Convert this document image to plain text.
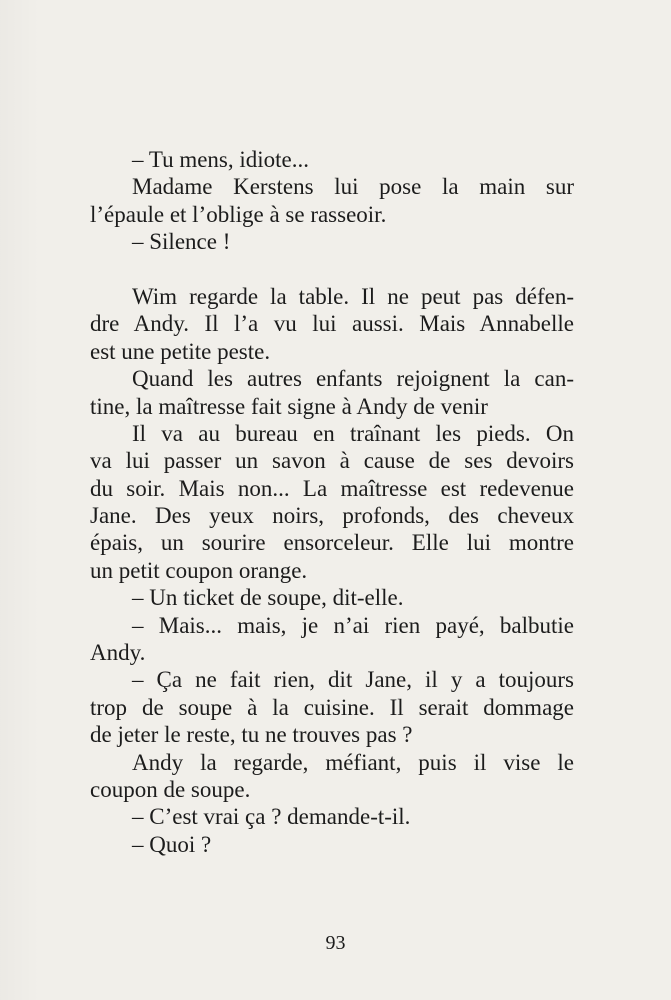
– Tu mens, idiote...
Madame Kerstens lui pose la main sur
l’épaule et l’oblige à se rasseoir.
– Silence !
Wim regarde la table. Il ne peut pas défen-
dre Andy. Il l’a vu lui aussi. Mais Annabelle
est une petite peste.
Quand les autres enfants rejoignent la can-
tine, la maîtresse fait signe à Andy de venir
Il va au bureau en traînant les pieds. On
va lui passer un savon à cause de ses devoirs
du soir. Mais non... La maîtresse est redevenue
Jane. Des yeux noirs, profonds, des cheveux
épais, un sourire ensorceleur. Elle lui montre
un petit coupon orange.
– Un ticket de soupe, dit-elle.
– Mais... mais, je n’ai rien payé, balbutie
Andy.
– Ça ne fait rien, dit Jane, il y a toujours
trop de soupe à la cuisine. Il serait dommage
de jeter le reste, tu ne trouves pas ?
Andy la regarde, méfiant, puis il vise le
coupon de soupe.
– C’est vrai ça ? demande-t-il.
– Quoi ?
93
